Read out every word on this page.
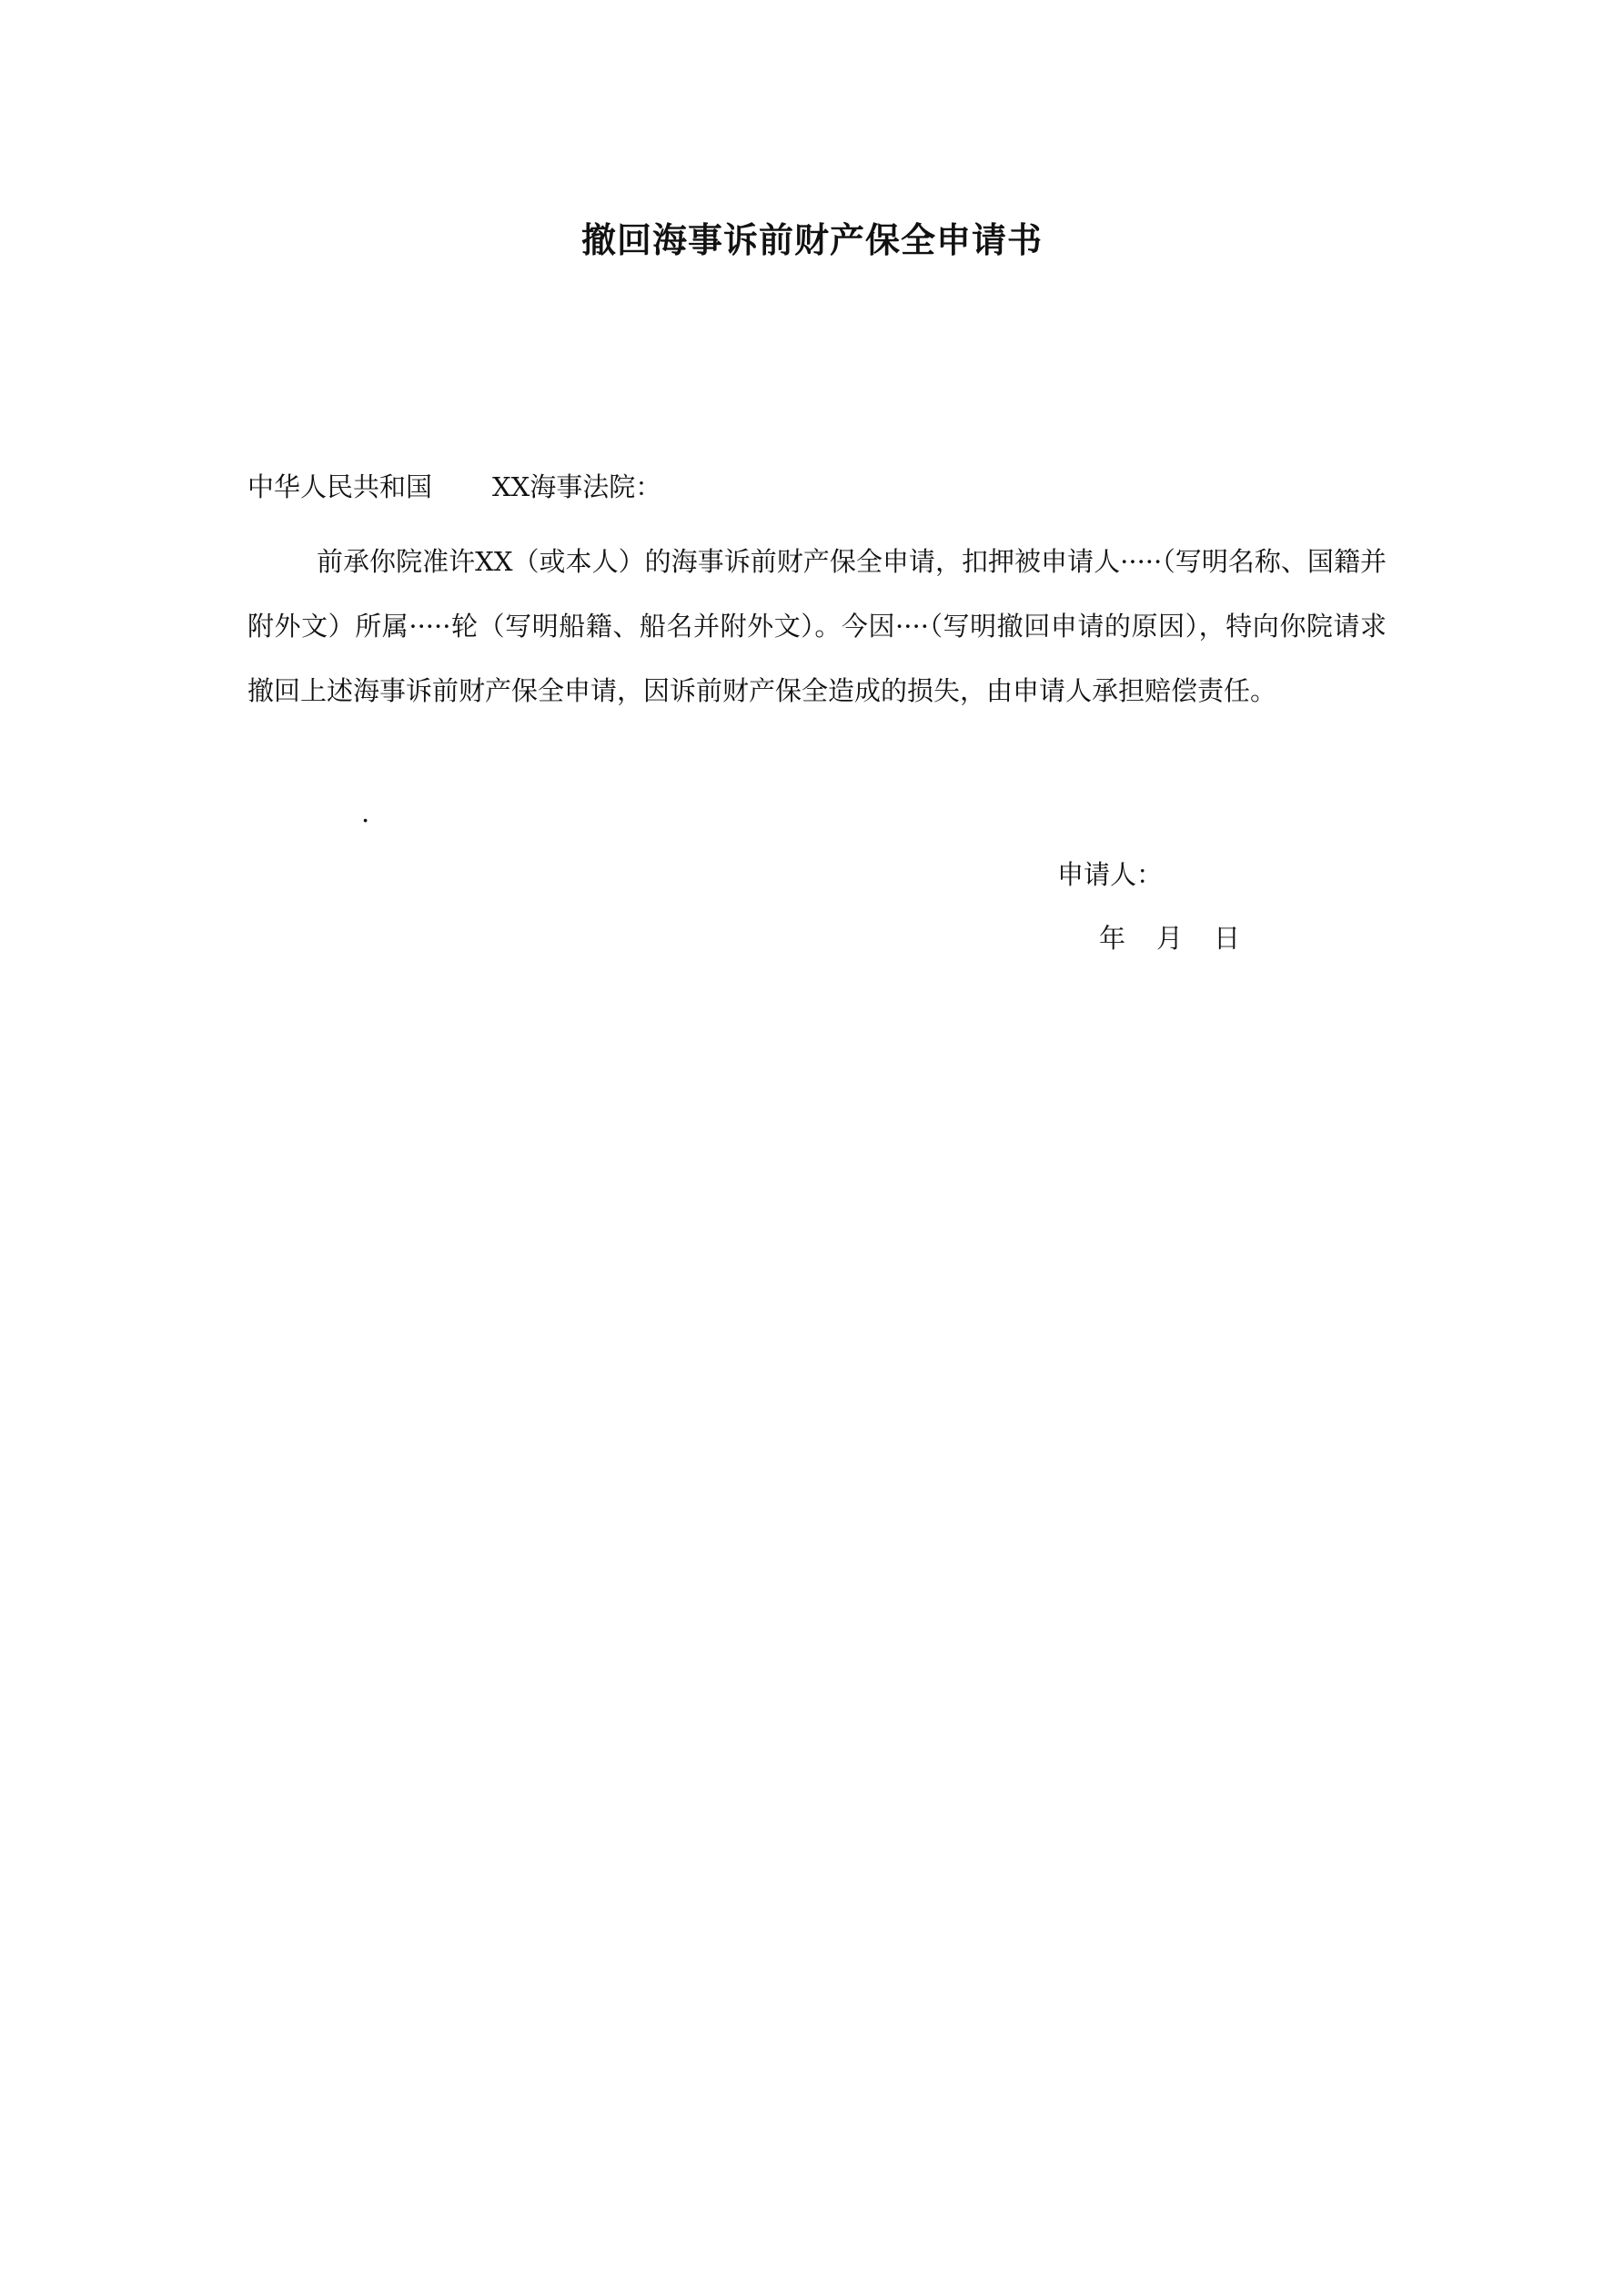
撤回海事诉前财产保全申请书
中华人民共和国 XX海事法院：
前承你院准许XX（或本人）的海事诉前财产保全申请，扣押被申请人·····（写明名称、国籍并附外文）所属·····轮（写明船籍、船名并附外文）。今因····（写明撤回申请的原因），特向你院请求撤回上述海事诉前财产保全申请，因诉前财产保全造成的损失，由申请人承担赔偿责任。
.
申请人：
年 月 日
